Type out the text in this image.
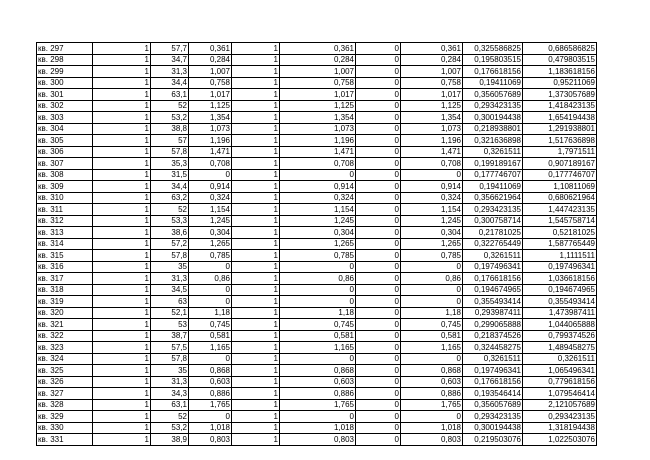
кв. 297	1	57,7	0,361	1	0,361	0	0,361	0,325586825	0,686586825
кв. 298	1	34,7	0,284	1	0,284	0	0,284	0,195803515	0,479803515
кв. 299	1	31,3	1,007	1	1,007	0	1,007	0,176618156	1,183618156
кв. 300	1	34,4	0,758	1	0,758	0	0,758	0,19411069	0,95211069
кв. 301	1	63,1	1,017	1	1,017	0	1,017	0,356057689	1,373057689
кв. 302	1	52	1,125	1	1,125	0	1,125	0,293423135	1,418423135
кв. 303	1	53,2	1,354	1	1,354	0	1,354	0,300194438	1,654194438
кв. 304	1	38,8	1,073	1	1,073	0	1,073	0,218938801	1,291938801
кв. 305	1	57	1,196	1	1,196	0	1,196	0,321636898	1,517636898
кв. 306	1	57,8	1,471	1	1,471	0	1,471	0,3261511	1,7971511
кв. 307	1	35,3	0,708	1	0,708	0	0,708	0,199189167	0,907189167
кв. 308	1	31,5	0	1	0	0	0	0,177746707	0,177746707
кв. 309	1	34,4	0,914	1	0,914	0	0,914	0,19411069	1,10811069
кв. 310	1	63,2	0,324	1	0,324	0	0,324	0,356621964	0,680621964
кв. 311	1	52	1,154	1	1,154	0	1,154	0,293423135	1,447423135
кв. 312	1	53,3	1,245	1	1,245	0	1,245	0,300758714	1,545758714
кв. 313	1	38,6	0,304	1	0,304	0	0,304	0,21781025	0,52181025
кв. 314	1	57,2	1,265	1	1,265	0	1,265	0,322765449	1,587765449
кв. 315	1	57,8	0,785	1	0,785	0	0,785	0,3261511	1,1111511
кв. 316	1	35	0	1	0	0	0	0,197496341	0,197496341
кв. 317	1	31,3	0,86	1	0,86	0	0,86	0,176618156	1,036618156
кв. 318	1	34,5	0	1	0	0	0	0,194674965	0,194674965
кв. 319	1	63	0	1	0	0	0	0,355493414	0,355493414
кв. 320	1	52,1	1,18	1	1,18	0	1,18	0,293987411	1,473987411
кв. 321	1	53	0,745	1	0,745	0	0,745	0,299065888	1,044065888
кв. 322	1	38,7	0,581	1	0,581	0	0,581	0,218374526	0,799374526
кв. 323	1	57,5	1,165	1	1,165	0	1,165	0,324458275	1,489458275
кв. 324	1	57,8	0	1	0	0	0	0,3261511	0,3261511
кв. 325	1	35	0,868	1	0,868	0	0,868	0,197496341	1,065496341
кв. 326	1	31,3	0,603	1	0,603	0	0,603	0,176618156	0,779618156
кв. 327	1	34,3	0,886	1	0,886	0	0,886	0,193546414	1,079546414
кв. 328	1	63,1	1,765	1	1,765	0	1,765	0,356057689	2,121057689
кв. 329	1	52	0	1	0	0	0	0,293423135	0,293423135
кв. 330	1	53,2	1,018	1	1,018	0	1,018	0,300194438	1,318194438
кв. 331	1	38,9	0,803	1	0,803	0	0,803	0,219503076	1,022503076
